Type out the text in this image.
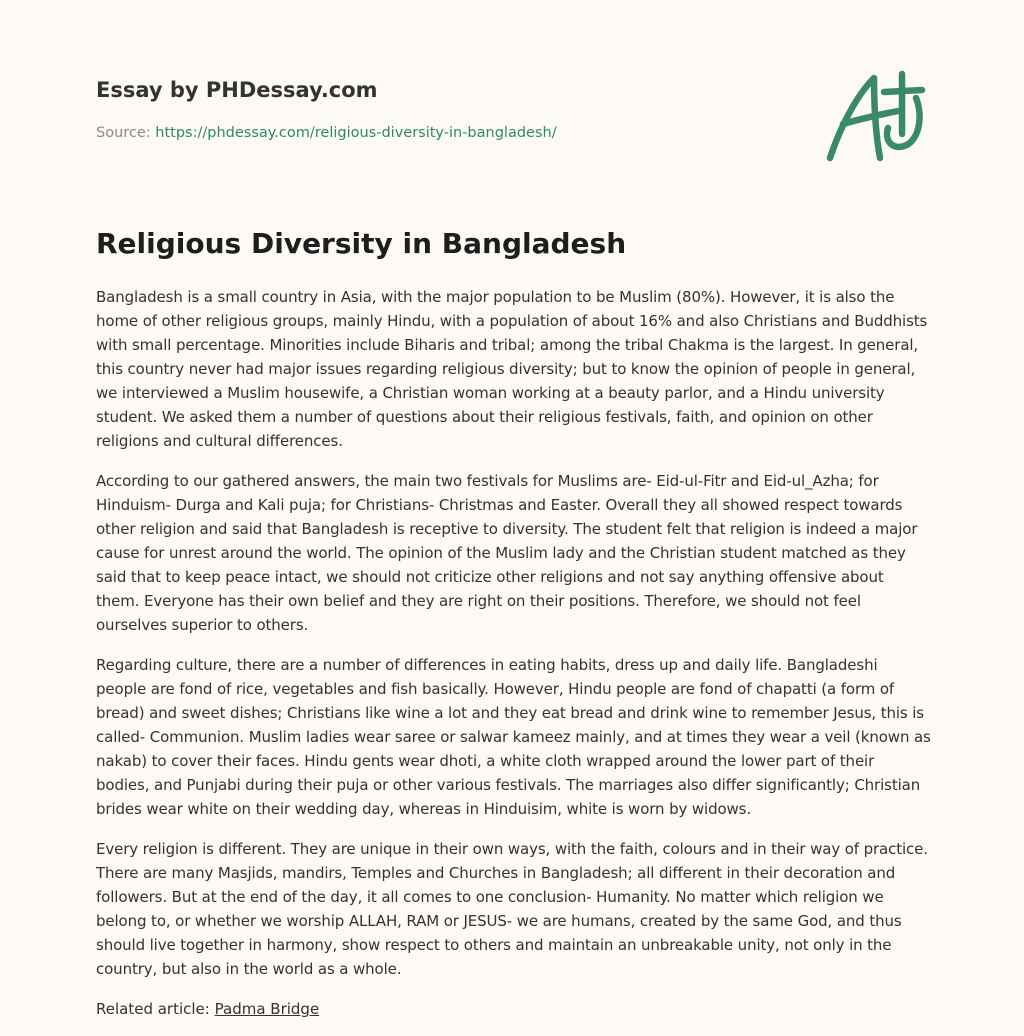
Essay by PHDessay.com
Source: https://phdessay.com/religious-diversity-in-bangladesh/
Religious Diversity in Bangladesh

Bangladesh is a small country in Asia, with the major population to be Muslim (80%). However, it is also the home of other religious groups, mainly Hindu, with a population of about 16% and also Christians and Buddhists with small percentage. Minorities include Biharis and tribal; among the tribal Chakma is the largest. In general, this country never had major issues regarding religious diversity; but to know the opinion of people in general, we interviewed a Muslim housewife, a Christian woman working at a beauty parlor, and a Hindu university student. We asked them a number of questions about their religious festivals, faith, and opinion on other religions and cultural differences.

According to our gathered answers, the main two festivals for Muslims are- Eid-ul-Fitr and Eid-ul_Azha; for Hinduism- Durga and Kali puja; for Christians- Christmas and Easter. Overall they all showed respect towards other religion and said that Bangladesh is receptive to diversity. The student felt that religion is indeed a major cause for unrest around the world. The opinion of the Muslim lady and the Christian student matched as they said that to keep peace intact, we should not criticize other religions and not say anything offensive about them. Everyone has their own belief and they are right on their positions. Therefore, we should not feel ourselves superior to others.

Regarding culture, there are a number of differences in eating habits, dress up and daily life. Bangladeshi people are fond of rice, vegetables and fish basically. However, Hindu people are fond of chapatti (a form of bread) and sweet dishes; Christians like wine a lot and they eat bread and drink wine to remember Jesus, this is called- Communion. Muslim ladies wear saree or salwar kameez mainly, and at times they wear a veil (known as nakab) to cover their faces. Hindu gents wear dhoti, a white cloth wrapped around the lower part of their bodies, and Punjabi during their puja or other various festivals. The marriages also differ significantly; Christian brides wear white on their wedding day, whereas in Hinduisim, white is worn by widows.

Every religion is different. They are unique in their own ways, with the faith, colours and in their way of practice. There are many Masjids, mandirs, Temples and Churches in Bangladesh; all different in their decoration and followers. But at the end of the day, it all comes to one conclusion- Humanity. No matter which religion we belong to, or whether we worship ALLAH, RAM or JESUS- we are humans, created by the same God, and thus should live together in harmony, show respect to others and maintain an unbreakable unity, not only in the country, but also in the world as a whole.

Related article: Padma Bridge
